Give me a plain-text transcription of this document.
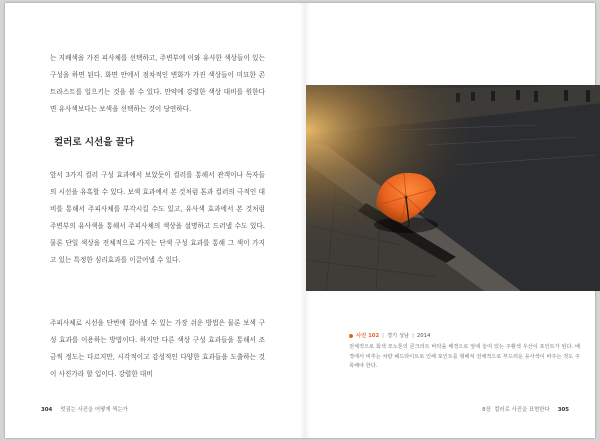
는 지배색을 가진 피사체를 선택하고, 주변부에 이와 유사한 색상들이 있는 구성을 하면 된다. 화면 안에서 점차적인 변화가 가진 색상들이 미묘한 콘트라스트를 일으키는 것을 볼 수 있다. 만약에 강렬한 색상 대비를 원한다면 유사색보다는 보색을 선택하는 것이 당연하다.

컬러로 시선을 끌다

앞서 3가지 컬러 구성 효과에서 보았듯이 컬러를 통해서 관객이나 독자들의 시선을 유혹할 수 있다. 보색 효과에서 본 것처럼 톤과 컬러의 극적인 대비를 통해서 주피사체를 부각시킬 수도 있고, 유사색 효과에서 본 것처럼 주변부의 유사색을 통해서 주피사체의 색상을 설명하고 드러낼 수도 있다. 물론 단일 색상을 전체적으로 가지는 단색 구성 효과를 통해 그 색이 가지고 있는 특정한 심리효과를 이끌어낼 수 있다.

주피사체로 시선을 단번에 잡아낼 수 있는 가장 쉬운 방법은 물론 보색 구성 효과를 이용하는 방법이다. 하지만 다른 색상 구성 효과들을 통해서 조금씩 정도는 다르지만, 시각적이고 감성적인 다양한 효과들을 도출하는 것이 사진가라 할 입이다. 강렬한 대비

304 멋짐는 사진을 어떻게 찍는가
사진 102 | 경기 성남 | 2014

전체적으로 회색 모노톤의 콘크리트 바닥을 배경으로 앞에 놓여 있는 주황색 우산이 포인트가 된다. 배경에서 비추는 차량 헤드라이트로 인해 포인트를 형해져 전체적으로 부드러운 유사색이 바주는 것도 주목해야 한다.

8장 컬러로 사진을 표현한다 305
